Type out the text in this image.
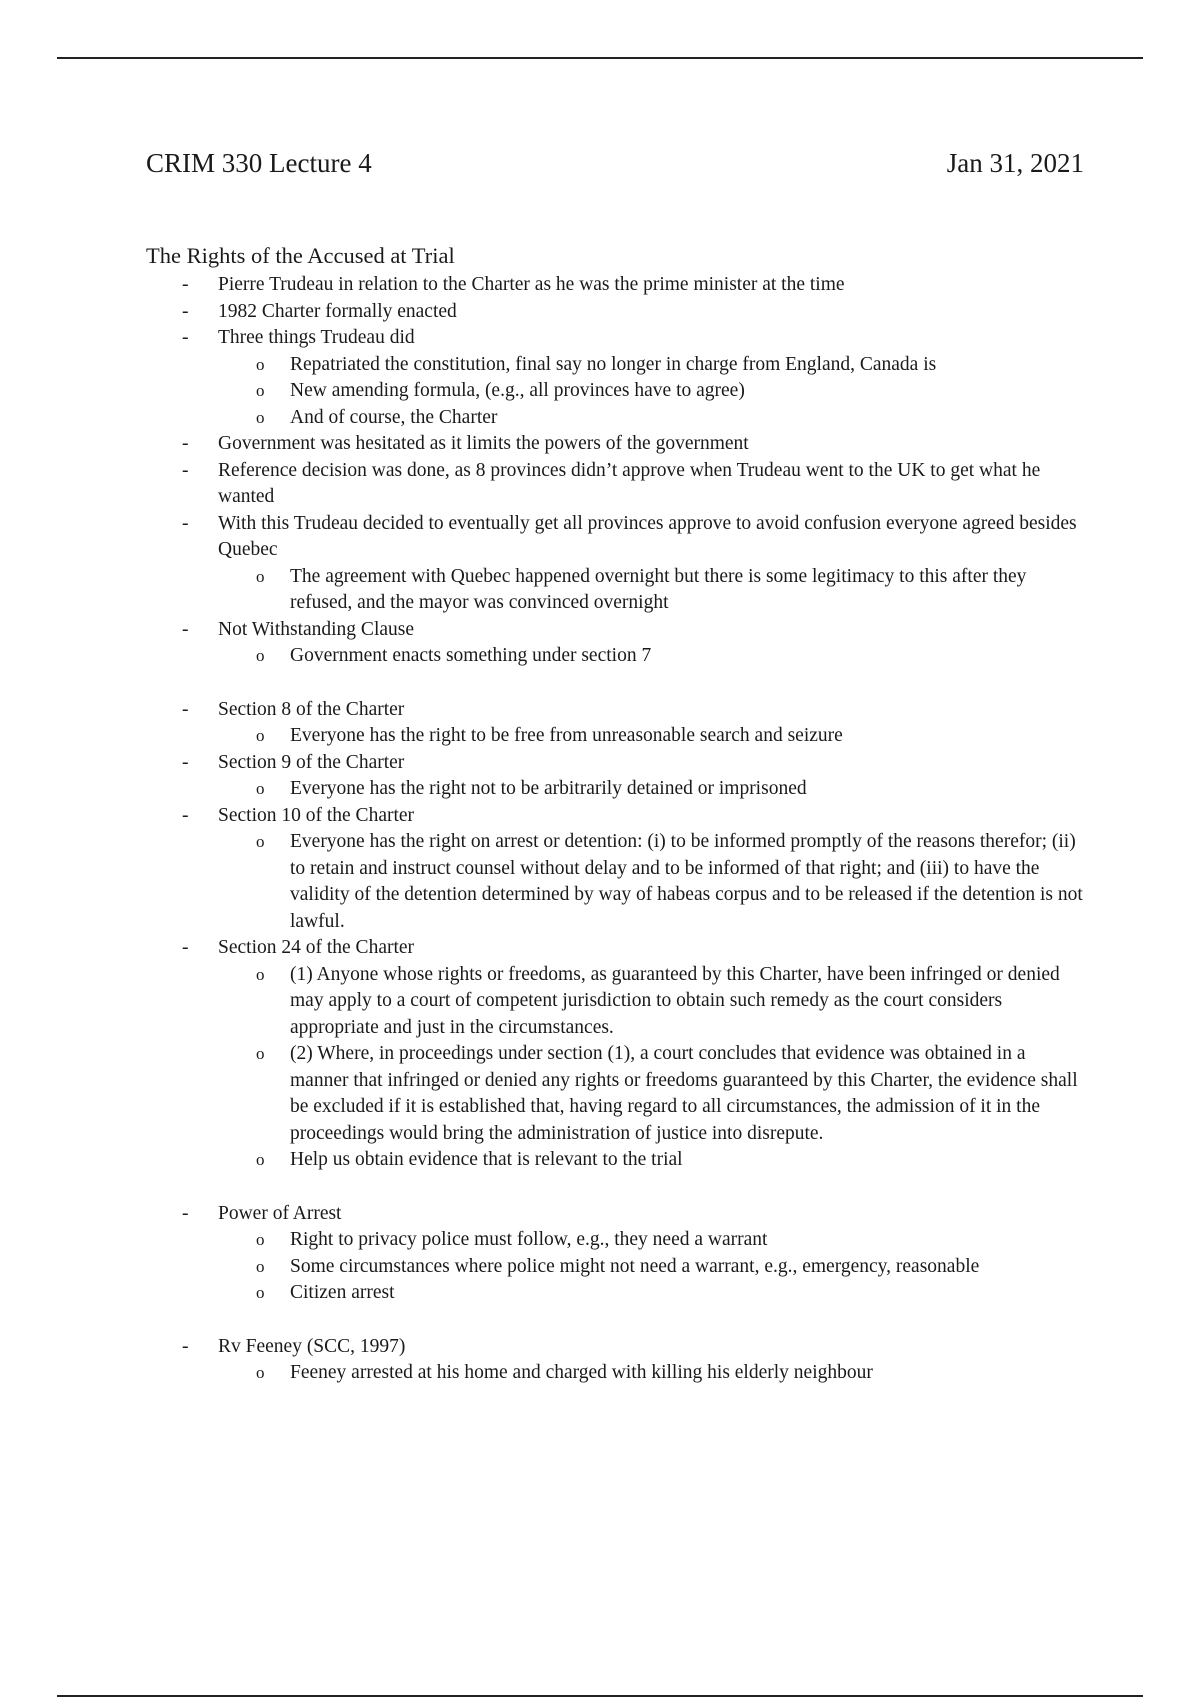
CRIM 330 Lecture 4	Jan 31, 2021
The Rights of the Accused at Trial
- Pierre Trudeau in relation to the Charter as he was the prime minister at the time
- 1982 Charter formally enacted
- Three things Trudeau did
o Repatriated the constitution, final say no longer in charge from England, Canada is
o New amending formula, (e.g., all provinces have to agree)
o And of course, the Charter
- Government was hesitated as it limits the powers of the government
- Reference decision was done, as 8 provinces didn’t approve when Trudeau went to the UK to get what he wanted
- With this Trudeau decided to eventually get all provinces approve to avoid confusion everyone agreed besides Quebec
o The agreement with Quebec happened overnight but there is some legitimacy to this after they refused, and the mayor was convinced overnight
- Not Withstanding Clause
o Government enacts something under section 7
- Section 8 of the Charter
o Everyone has the right to be free from unreasonable search and seizure
- Section 9 of the Charter
o Everyone has the right not to be arbitrarily detained or imprisoned
- Section 10 of the Charter
o Everyone has the right on arrest or detention: (i) to be informed promptly of the reasons therefor; (ii) to retain and instruct counsel without delay and to be informed of that right; and (iii) to have the validity of the detention determined by way of habeas corpus and to be released if the detention is not lawful.
- Section 24 of the Charter
o (1) Anyone whose rights or freedoms, as guaranteed by this Charter, have been infringed or denied may apply to a court of competent jurisdiction to obtain such remedy as the court considers appropriate and just in the circumstances.
o (2) Where, in proceedings under section (1), a court concludes that evidence was obtained in a manner that infringed or denied any rights or freedoms guaranteed by this Charter, the evidence shall be excluded if it is established that, having regard to all circumstances, the admission of it in the proceedings would bring the administration of justice into disrepute.
o Help us obtain evidence that is relevant to the trial
- Power of Arrest
o Right to privacy police must follow, e.g., they need a warrant
o Some circumstances where police might not need a warrant, e.g., emergency, reasonable
o Citizen arrest
- Rv Feeney (SCC, 1997)
o Feeney arrested at his home and charged with killing his elderly neighbour
